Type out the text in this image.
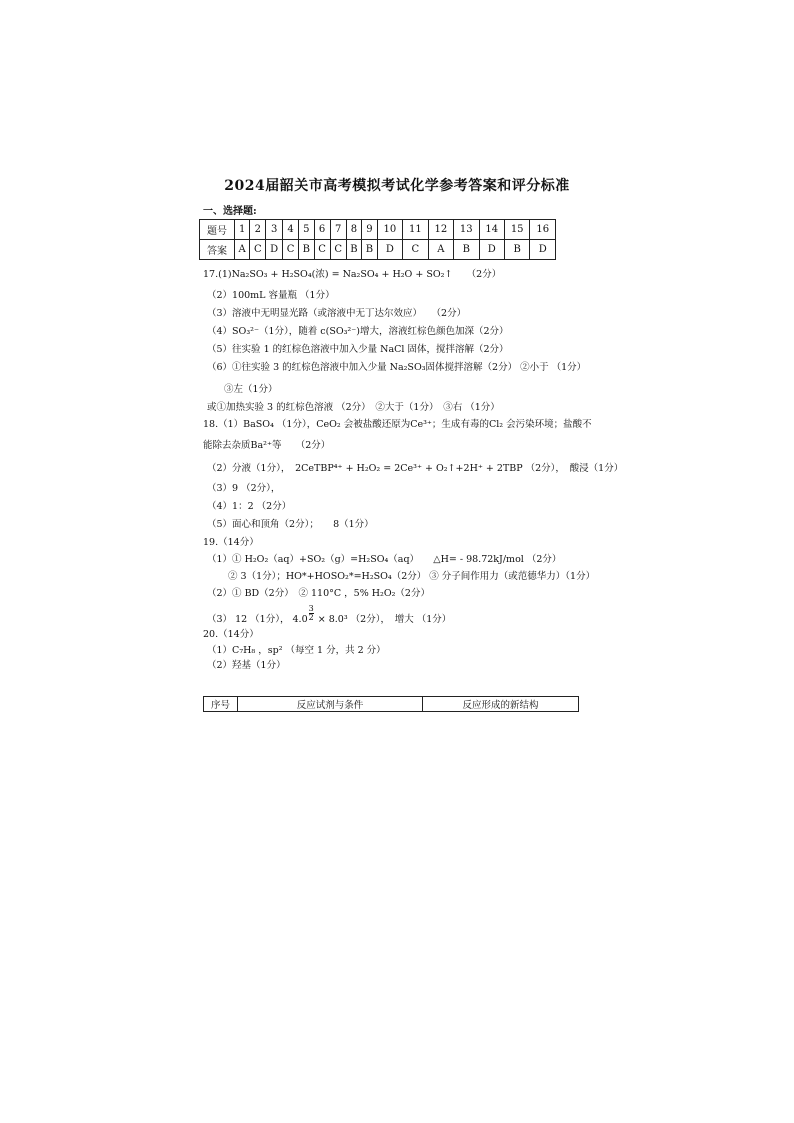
2024届韶关市高考模拟考试化学参考答案和评分标准
一、选择题:
题号	1	2	3	4	5	6	7	8	9	10	11	12	13	14	15	16
答案	A	C	D	C	B	C	C	B	B	D	C	A	B	D	B	D
17.(1)Na₂SO₃ + H₂SO₄(浓) = Na₂SO₄ + H₂O + SO₂↑　　（2分）
（2）100mL 容量瓶 （1分）
（3）溶液中无明显光路（或溶液中无丁达尔效应）　　（2分）
（4）SO₃²⁻（1分），随着 c(SO₃²⁻)增大，溶液红棕色颜色加深（2分）
（5）往实验 1 的红棕色溶液中加入少量 NaCl 固体，搅拌溶解（2分）
（6）①往实验 3 的红棕色溶液中加入少量 Na₂SO₃固体搅拌溶解（2分） ②小于 （1分）
③左（1分）
或①加热实验 3 的红棕色溶液 （2分）　②大于（1分）　③右 （1分）
18.（1）BaSO₄ （1分），CeO₂ 会被盐酸还原为Ce³⁺；生成有毒的Cl₂ 会污染环境；盐酸不
能除去杂质Ba²⁺等　　（2分）
（2）分液（1分），　2CeTBP⁴⁺ + H₂O₂ = 2Ce³⁺ + O₂↑+2H⁺ + 2TBP （2分），　酸浸（1分）
（3）9 （2分），
（4）1：2 （2分）
（5）面心和顶角（2分）；　　8（1分）
19.（14分）
（1）① H₂O₂（aq）+SO₂（g）=H₂SO₄（aq）　　△H= - 98.72kJ/mol （2分）
② 3（1分）；HO*+HOSO₂*=H₂SO₄（2分） ③ 分子间作用力（或范德华力）（1分）
（2）① BD（2分）　② 110°C ，5% H₂O₂（2分）
（3） 12 （1分）， $4.0 \frac{3}{2} \times 8.0^3$ （2分），　增大 （1分）
20.（14分）
（1）C₇H₈ ，sp² （每空 1 分，共 2 分）
（2）羟基（1分）
序号	反应试剂与条件	反应形成的新结构
